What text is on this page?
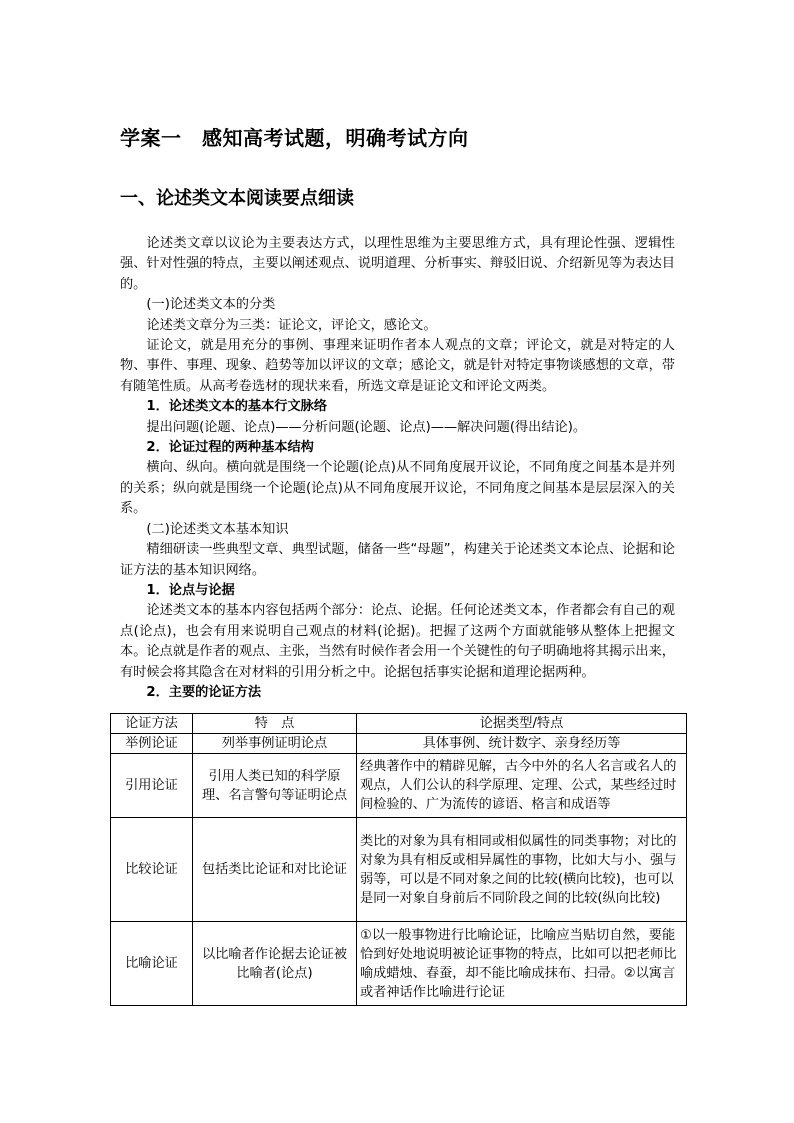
学案一　感知高考试题，明确考试方向
一、论述类文本阅读要点细读

论述类文章以议论为主要表达方式，以理性思维为主要思维方式，具有理论性强、逻辑性强、针对性强的特点，主要以阐述观点、说明道理、分析事实、辩驳旧说、介绍新见等为表达目的。

(一)论述类文本的分类

论述类文章分为三类：证论文，评论文，感论文。

证论文，就是用充分的事例、事理来证明作者本人观点的文章；评论文，就是对特定的人物、事件、事理、现象、趋势等加以评议的文章；感论文，就是针对特定事物谈感想的文章，带有随笔性质。从高考卷选材的现状来看，所选文章是证论文和评论文两类。

1．论述类文本的基本行文脉络

提出问题(论题、论点)——分析问题(论题、论点)——解决问题(得出结论)。

2．论证过程的两种基本结构

横向、纵向。横向就是围绕一个论题(论点)从不同角度展开议论，不同角度之间基本是并列的关系；纵向就是围绕一个论题(论点)从不同角度展开议论，不同角度之间基本是层层深入的关系。

(二)论述类文本基本知识

精细研读一些典型文章、典型试题，储备一些“母题”，构建关于论述类文本论点、论据和论证方法的基本知识网络。

1．论点与论据

论述类文本的基本内容包括两个部分：论点、论据。任何论述类文本，作者都会有自己的观点(论点)，也会有用来说明自己观点的材料(论据)。把握了这两个方面就能够从整体上把握文本。论点就是作者的观点、主张，当然有时候作者会用一个关键性的句子明确地将其揭示出来，有时候会将其隐含在对材料的引用分析之中。论据包括事实论据和道理论据两种。

2．主要的论证方法

论证方法	特　点	论据类型/特点
举例论证	列举事例证明论点	具体事例、统计数字、亲身经历等
引用论证	引用人类已知的科学原理、名言警句等证明论点	经典著作中的精辟见解，古今中外的名人名言或名人的观点，人们公认的科学原理、定理、公式，某些经过时间检验的、广为流传的谚语、格言和成语等
比较论证	包括类比论证和对比论证	类比的对象为具有相同或相似属性的同类事物；对比的对象为具有相反或相异属性的事物，比如大与小、强与弱等，可以是不同对象之间的比较(横向比较)，也可以是同一对象自身前后不同阶段之间的比较(纵向比较)
比喻论证	以比喻者作论据去论证被比喻者(论点)	①以一般事物进行比喻论证，比喻应当贴切自然，要能恰到好处地说明被论证事物的特点，比如可以把老师比喻成蜡烛、春蚕，却不能比喻成抹布、扫帚。②以寓言或者神话作比喻进行论证
